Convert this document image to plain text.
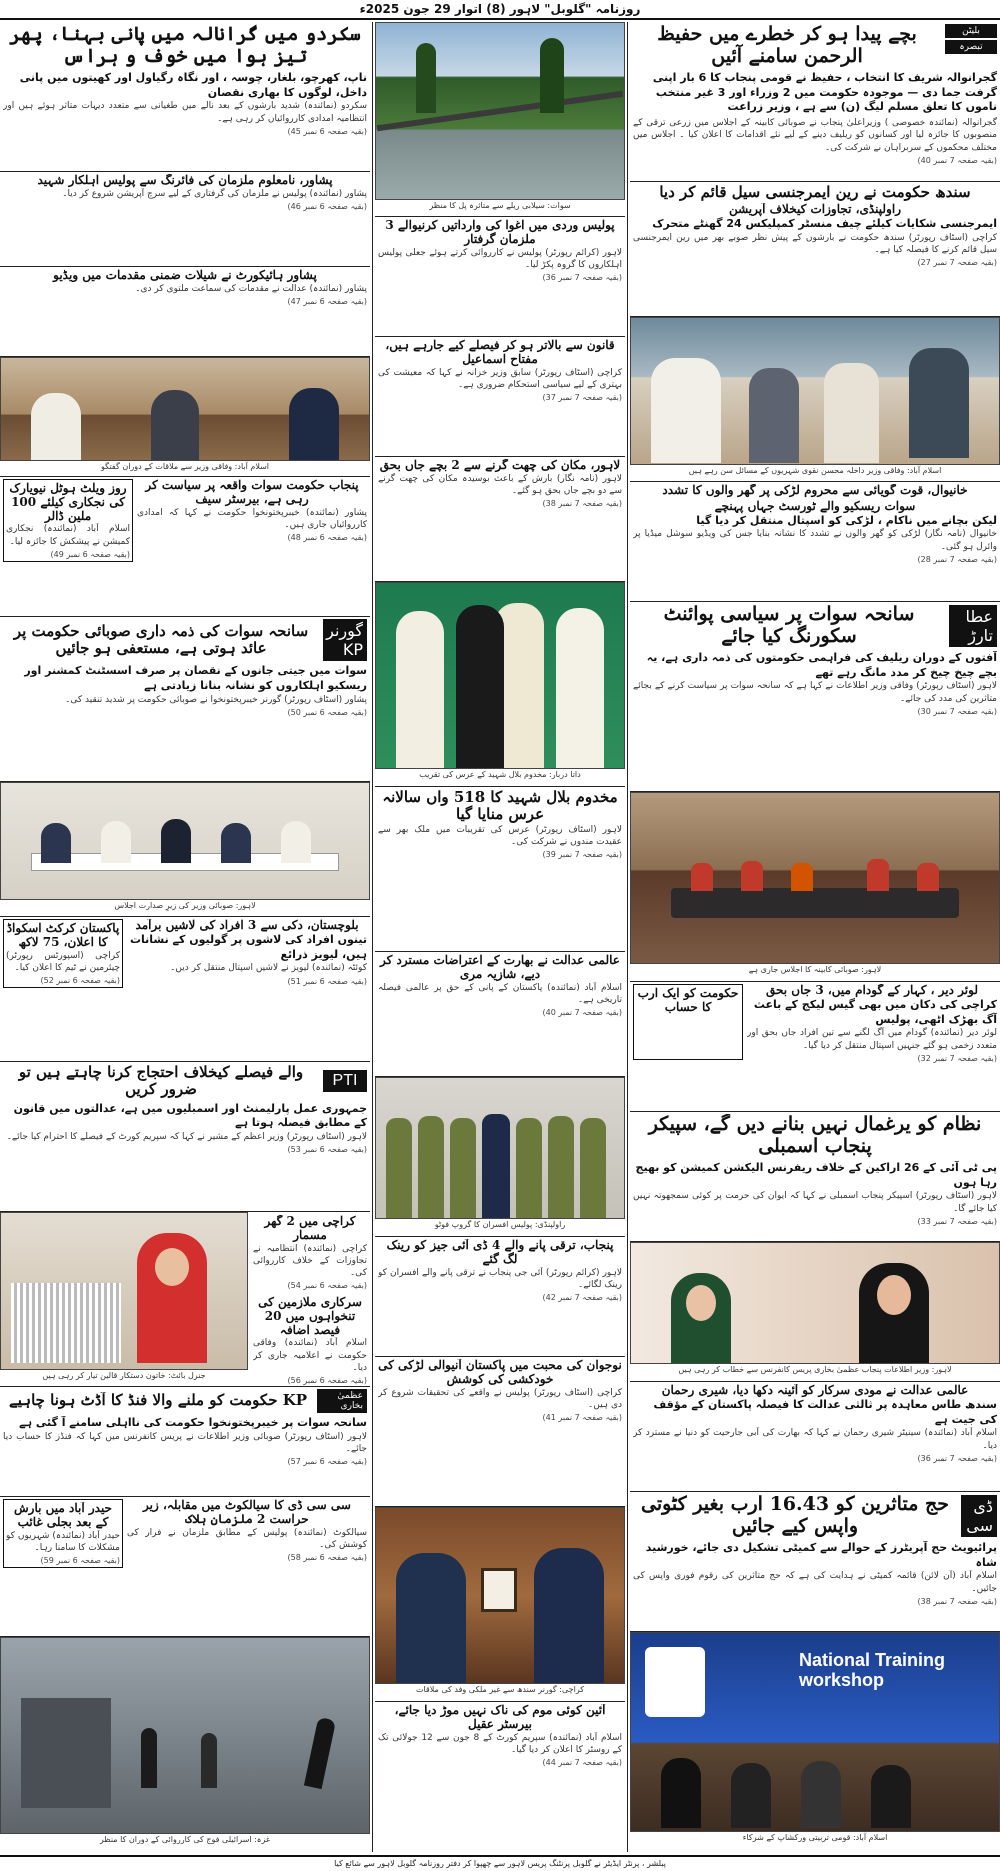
روزنامہ "گلوبل" لاہور (8) اتوار 29 جون 2025ء
بلیٹن
تبصرہ
بچے پیدا ہو کر خطرے میں حفیظ الرحمن سامنے آئیں
گجرانوالہ شریف کا انتخاب ، حفیظ نے قومی پنجاب کا 6 بار اپنی گرفت جما دی — موجودہ حکومت میں 2 وزراء اور 3 غیر منتخب ناموں کا تعلق مسلم لیگ (ن) سے ہے ، وزیر زراعت
گجرانوالہ (نمائندہ خصوصی ) وزیراعلیٰ پنجاب نے صوبائی کابینہ کے اجلاس میں زرعی ترقی کے منصوبوں کا جائزہ لیا اور کسانوں کو ریلیف دینے کے لیے نئے اقدامات کا اعلان کیا ۔ اجلاس میں مختلف محکموں کے سربراہان نے شرکت کی۔
(بقیہ صفحہ 7 نمبر 40)
سندھ حکومت نے رین ایمرجنسی سیل قائم کر دیا
راولپنڈی، تجاوزات کیخلاف آپریشن
ایمرجنسی شکایات کیلئے چیف منسٹر کمپلیکس 24 گھنٹے متحرک
کراچی (اسٹاف رپورٹر) سندھ حکومت نے بارشوں کے پیش نظر صوبے بھر میں رین ایمرجنسی سیل قائم کرنے کا فیصلہ کیا ہے۔
(بقیہ صفحہ 7 نمبر 27)
اسلام آباد: وفاقی وزیر داخلہ محسن نقوی شہریوں کے مسائل سن رہے ہیں
خانیوال، قوت گویائی سے محروم لڑکی پر گھر والوں کا تشدد
سوات ریسکیو والے ٹورسٹ جہاں پہنچے
لیکن بچانے میں ناکام ، لڑکی کو اسپتال منتقل کر دیا گیا
خانیوال (نامہ نگار) لڑکی کو گھر والوں نے تشدد کا نشانہ بنایا جس کی ویڈیو سوشل میڈیا پر وائرل ہو گئی۔
(بقیہ صفحہ 7 نمبر 28)
عطا تارڑ
سانحہ سوات پر سیاسی پوائنٹ سکورنگ کیا جائے
آفتوں کے دوران ریلیف کی فراہمی حکومتوں کی ذمہ داری ہے، یہ بچے چیخ چیخ کر مدد مانگ رہے تھے
لاہور (اسٹاف رپورٹر) وفاقی وزیر اطلاعات نے کہا ہے کہ سانحہ سوات پر سیاست کرنے کے بجائے متاثرین کی مدد کی جائے۔
(بقیہ صفحہ 7 نمبر 30)
لاہور: صوبائی کابینہ کا اجلاس جاری ہے
لوئر دیر ، کہار کے گودام میں، 3 جاں بحق
کراچی کی دکان میں بھی گیس لیکج کے باعث آگ بھڑک اٹھی، پولیس
لوئر دیر (نمائندہ) گودام میں آگ لگنے سے تین افراد جاں بحق اور متعدد زخمی ہو گئے جنہیں اسپتال منتقل کر دیا گیا۔
(بقیہ صفحہ 7 نمبر 32)
حکومت کو ایک ارب کا حساب
نظام کو یرغمال نہیں بنانے دیں گے، سپیکر پنجاب اسمبلی
پی ٹی آئی کے 26 اراکین کے خلاف ریفرنس الیکشن کمیشن کو بھیج رہا ہوں
لاہور (اسٹاف رپورٹر) اسپیکر پنجاب اسمبلی نے کہا کہ ایوان کی حرمت پر کوئی سمجھوتہ نہیں کیا جائے گا۔
(بقیہ صفحہ 7 نمبر 33)
لاہور: وزیر اطلاعات پنجاب عظمیٰ بخاری پریس کانفرنس سے خطاب کر رہی ہیں
عالمی عدالت نے مودی سرکار کو آئینہ دکھا دیا، شیری رحمان
سندھ طاس معاہدہ پر ثالثی عدالت کا فیصلہ پاکستان کے مؤقف کی جیت ہے
اسلام آباد (نمائندہ) سینیٹر شیری رحمان نے کہا کہ بھارت کی آبی جارحیت کو دنیا نے مسترد کر دیا۔
(بقیہ صفحہ 7 نمبر 36)
ڈی سی
حج متاثرین کو 16.43 ارب بغیر کٹوتی واپس کیے جائیں
پرائیویٹ حج آپریٹرز کے حوالے سے کمیٹی تشکیل دی جائے، خورشید شاہ
اسلام آباد (آن لائن) قائمہ کمیٹی نے ہدایت کی ہے کہ حج متاثرین کی رقوم فوری واپس کی جائیں۔
(بقیہ صفحہ 7 نمبر 38)
National Training workshop
اسلام آباد: قومی تربیتی ورکشاپ کے شرکاء
سوات: سیلابی ریلے سے متاثرہ پل کا منظر
پولیس وردی میں اغوا کی وارداتیں کرنیوالے 3 ملزمان گرفتار
لاہور (کرائم رپورٹر) پولیس نے کارروائی کرتے ہوئے جعلی پولیس اہلکاروں کا گروہ پکڑ لیا۔
(بقیہ صفحہ 7 نمبر 36)
قانون سے بالاتر ہو کر فیصلے کیے جارہے ہیں، مفتاح اسماعیل
کراچی (اسٹاف رپورٹر) سابق وزیر خزانہ نے کہا کہ معیشت کی بہتری کے لیے سیاسی استحکام ضروری ہے۔
(بقیہ صفحہ 7 نمبر 37)
لاہور، مکان کی چھت گرنے سے 2 بچے جاں بحق
لاہور (نامہ نگار) بارش کے باعث بوسیدہ مکان کی چھت گرنے سے دو بچے جاں بحق ہو گئے۔
(بقیہ صفحہ 7 نمبر 38)
داتا دربار: مخدوم بلال شہید کے عرس کی تقریب
مخدوم بلال شہید کا 518 واں سالانہ عرس منایا گیا
لاہور (اسٹاف رپورٹر) عرس کی تقریبات میں ملک بھر سے عقیدت مندوں نے شرکت کی۔
(بقیہ صفحہ 7 نمبر 39)
عالمی عدالت نے بھارت کے اعتراضات مسترد کر دیے، شازیہ مری
اسلام آباد (نمائندہ) پاکستان کے پانی کے حق پر عالمی فیصلہ تاریخی ہے۔
(بقیہ صفحہ 7 نمبر 40)
راولپنڈی: پولیس افسران کا گروپ فوٹو
پنجاب، ترقی پانے والے 4 ڈی آئی جیز کو رینک لگ گئے
لاہور (کرائم رپورٹر) آئی جی پنجاب نے ترقی پانے والے افسران کو رینک لگائے۔
(بقیہ صفحہ 7 نمبر 42)
نوجوان کی محبت میں پاکستان آنیوالی لڑکی کی خودکشی کی کوشش
کراچی (اسٹاف رپورٹر) پولیس نے واقعے کی تحقیقات شروع کر دی ہیں۔
(بقیہ صفحہ 7 نمبر 41)
کراچی: گورنر سندھ سے غیر ملکی وفد کی ملاقات
آئین کوئی موم کی ناک نہیں موڑ دیا جائے، بیرسٹر عقیل
اسلام آباد (نمائندہ) سپریم کورٹ کے 8 جون سے 12 جولائی تک کے روسٹر کا اعلان کر دیا گیا۔
(بقیہ صفحہ 7 نمبر 44)
سکردو میں گرانالہ میں پانی بہنا، پھر تیز ہوا میں خوف و ہراس
ناپ، کھرچو، بلغار، چوسہ ، اور نگاہ رگیاول اور کھیتوں میں پانی داخل، لوگوں کا بھاری نقصان
سکردو (نمائندہ) شدید بارشوں کے بعد نالے میں طغیانی سے متعدد دیہات متاثر ہوئے ہیں اور انتظامیہ امدادی کارروائیاں کر رہی ہے۔
(بقیہ صفحہ 6 نمبر 45)
پشاور، نامعلوم ملزمان کی فائرنگ سے پولیس اہلکار شہید
پشاور (نمائندہ) پولیس نے ملزمان کی گرفتاری کے لیے سرچ آپریشن شروع کر دیا۔
(بقیہ صفحہ 6 نمبر 46)
پشاور ہائیکورٹ نے شیلات ضمنی مقدمات میں ویڈیو
پشاور (نمائندہ) عدالت نے مقدمات کی سماعت ملتوی کر دی۔
(بقیہ صفحہ 6 نمبر 47)
اسلام آباد: وفاقی وزیر سے ملاقات کے دوران گفتگو
پنجاب حکومت سوات واقعہ پر سیاست کر رہی ہے، بیرسٹر سیف
پشاور (نمائندہ) خیبرپختونخوا حکومت نے کہا کہ امدادی کارروائیاں جاری ہیں۔
(بقیہ صفحہ 6 نمبر 48)
روز ویلٹ ہوٹل نیویارک کی نجکاری کیلئے 100 ملین ڈالر
اسلام آباد (نمائندہ) نجکاری کمیشن نے پیشکش کا جائزہ لیا۔
(بقیہ صفحہ 6 نمبر 49)
گورنر KP
سانحہ سوات کی ذمہ داری صوبائی حکومت پر عائد ہوتی ہے، مستعفی ہو جائیں
سوات میں جیتی جانوں کے نقصان پر صرف اسسٹنٹ کمشنر اور ریسکیو اہلکاروں کو نشانہ بنانا زیادتی ہے
پشاور (اسٹاف رپورٹر) گورنر خیبرپختونخوا نے صوبائی حکومت پر شدید تنقید کی۔
(بقیہ صفحہ 6 نمبر 50)
لاہور: صوبائی وزیر کی زیرِ صدارت اجلاس
بلوچستان، دکی سے 3 افراد کی لاشیں برآمد
تینوں افراد کی لاشوں پر گولیوں کے نشانات ہیں، لیویز ذرائع
کوئٹہ (نمائندہ) لیویز نے لاشیں اسپتال منتقل کر دیں۔
(بقیہ صفحہ 6 نمبر 51)
پاکستان کرکٹ اسکواڈ کا اعلان، 75 لاکھ
کراچی (اسپورٹس رپورٹر) چیئرمین نے ٹیم کا اعلان کیا۔
(بقیہ صفحہ 6 نمبر 52)
PTI
والے فیصلے کیخلاف احتجاج کرنا چاہتے ہیں تو ضرور کریں
جمہوری عمل پارلیمنٹ اور اسمبلیوں میں ہے، عدالتوں میں قانون کے مطابق فیصلہ ہوتا ہے
لاہور (اسٹاف رپورٹر) وزیر اعظم کے مشیر نے کہا کہ سپریم کورٹ کے فیصلے کا احترام کیا جائے۔
(بقیہ صفحہ 6 نمبر 53)
کراچی میں 2 گھر مسمار
کراچی (نمائندہ) انتظامیہ نے تجاوزات کے خلاف کارروائی کی۔
(بقیہ صفحہ 6 نمبر 54)
سرکاری ملازمین کی تنخواہوں میں 20 فیصد اضافہ
اسلام آباد (نمائندہ) وفاقی حکومت نے اعلامیہ جاری کر دیا۔
(بقیہ صفحہ 6 نمبر 56)
جنرل بائٹ: خاتون دستکار قالین تیار کر رہی ہیں
عظمیٰ بخاری
KP حکومت کو ملنے والا فنڈ کا آڈٹ ہونا چاہیے
سانحہ سوات پر خیبرپختونخوا حکومت کی نااہلی سامنے آ گئی ہے
لاہور (اسٹاف رپورٹر) صوبائی وزیر اطلاعات نے پریس کانفرنس میں کہا کہ فنڈز کا حساب دیا جائے۔
(بقیہ صفحہ 6 نمبر 57)
سی سی ڈی کا سیالکوٹ میں مقابلہ، زیر حراست 2 ملزمان ہلاک
سیالکوٹ (نمائندہ) پولیس کے مطابق ملزمان نے فرار کی کوشش کی۔
(بقیہ صفحہ 6 نمبر 58)
حیدر آباد میں بارش کے بعد بجلی غائب
حیدر آباد (نمائندہ) شہریوں کو مشکلات کا سامنا رہا۔
(بقیہ صفحہ 6 نمبر 59)
غزہ: اسرائیلی فوج کی کارروائی کے دوران کا منظر
پبلشر ، پرنٹر ایڈیٹر نے گلوبل پرنٹنگ پریس لاہور سے چھپوا کر دفتر روزنامہ گلوبل لاہور سے شائع کیا
